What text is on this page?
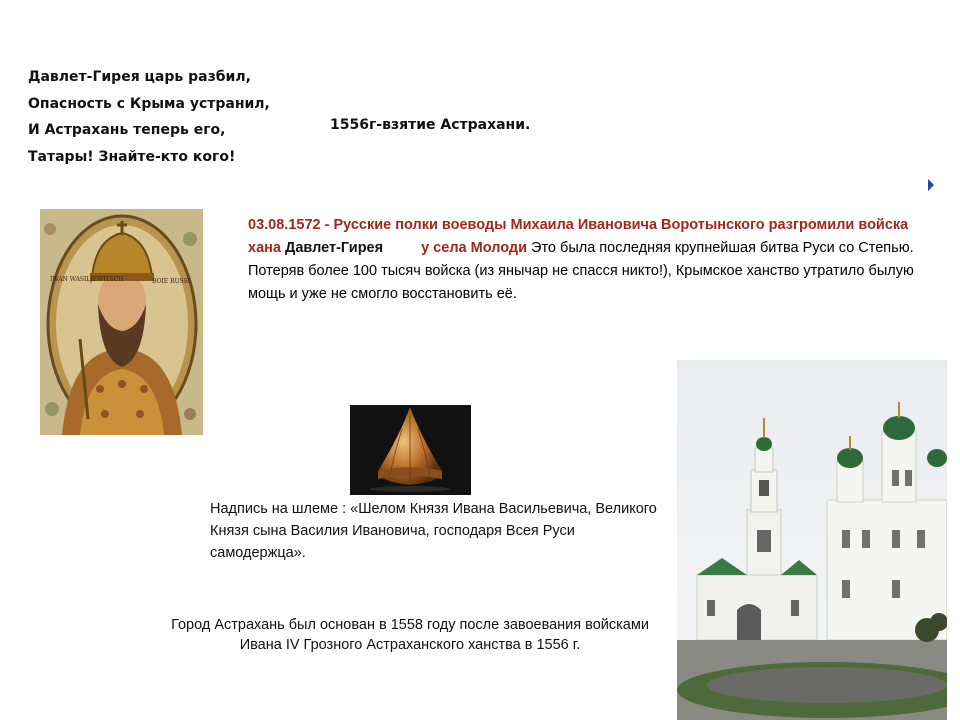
Давлет-Гирея царь разбил,
Опасность с Крыма устранил,
И Астрахань теперь его,
Татары! Знайте-кто кого!
1556г-взятие Астрахани.
IWAN WASILJEWITSCH	BOIE RUSSI
03.08.1572 - Русские полки воеводы Михаила Ивановича Воротынского разгромили войска хана Давлет-Гирея	у села Молоди Это была последняя крупнейшая битва Руси со Степью. Потеряв более 100 тысяч войска (из янычар не спасся никто!), Крымское ханство утратило былую мощь и уже не смогло восстановить её.
Надпись на шлеме : «Шелом Князя Ивана Васильевича, Великого Князя сына Василия Ивановича, господаря Всея Руси самодержца».
Город Астрахань был основан в 1558 году после завоевания войсками
Ивана IV Грозного Астраханского ханства в 1556 г.
